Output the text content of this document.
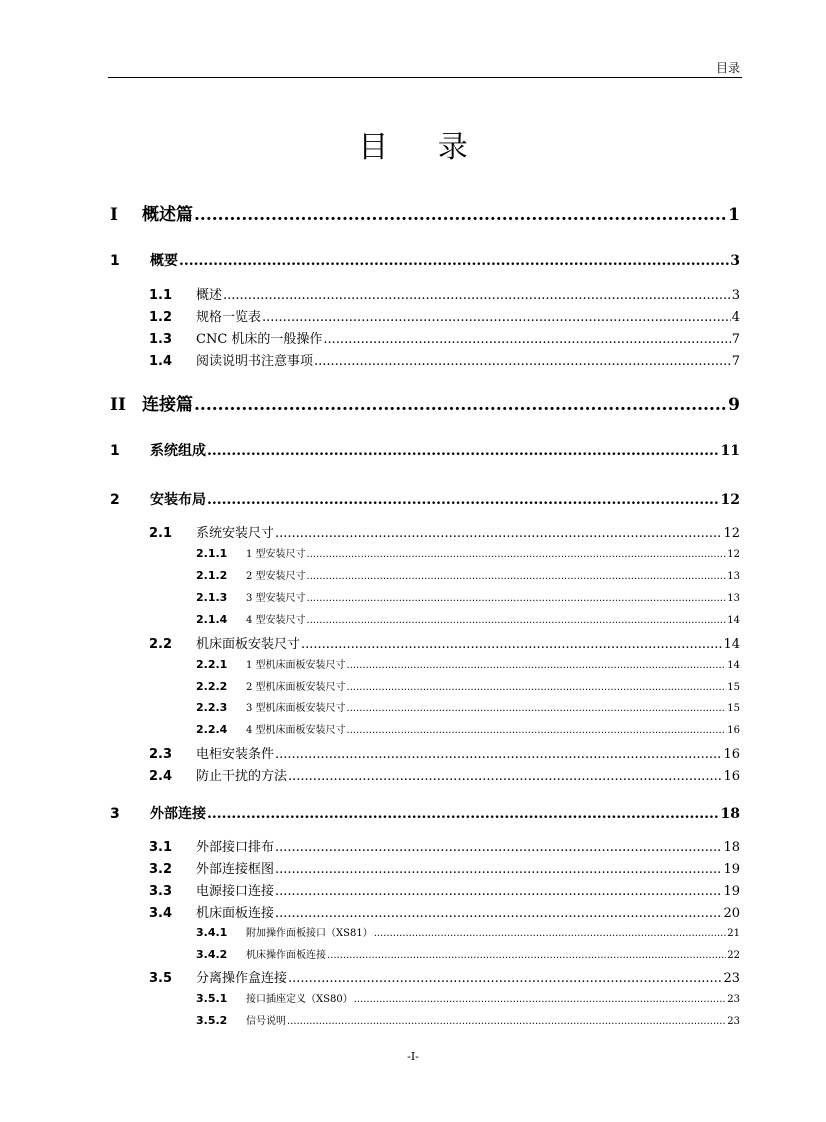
目录
目 录
I	概述篇 .....	1
1	概要 .....	3
1.1	概述 .....	3
1.2	规格一览表 .....	4
1.3	CNC 机床的一般操作 .....	7
1.4	阅读说明书注意事项 .....	7
II 连接篇 .....	9
1	系统组成 .....	11
2	安装布局 .....	12
2.1	系统安装尺寸 .....	12
2.1.1	1 型安装尺寸 .....	12
2.1.2	2 型安装尺寸 .....	13
2.1.3	3 型安装尺寸 .....	13
2.1.4	4 型安装尺寸 .....	14
2.2	机床面板安装尺寸 .....	14
2.2.1	1 型机床面板安装尺寸 .....	14
2.2.2	2 型机床面板安装尺寸 .....	15
2.2.3	3 型机床面板安装尺寸 .....	15
2.2.4	4 型机床面板安装尺寸 .....	16
2.3	电柜安装条件 .....	16
2.4	防止干扰的方法 .....	16
3	外部连接 .....	18
3.1	外部接口排布 .....	18
3.2	外部连接框图 .....	19
3.3	电源接口连接 .....	19
3.4	机床面板连接 .....	20
3.4.1	附加操作面板接口（XS81） .....	21
3.4.2	机床操作面板连接 .....	22
3.5	分离操作盒连接 .....	23
3.5.1	接口插座定义（XS80） .....	23
3.5.2	信号说明 .....	23
-I-
